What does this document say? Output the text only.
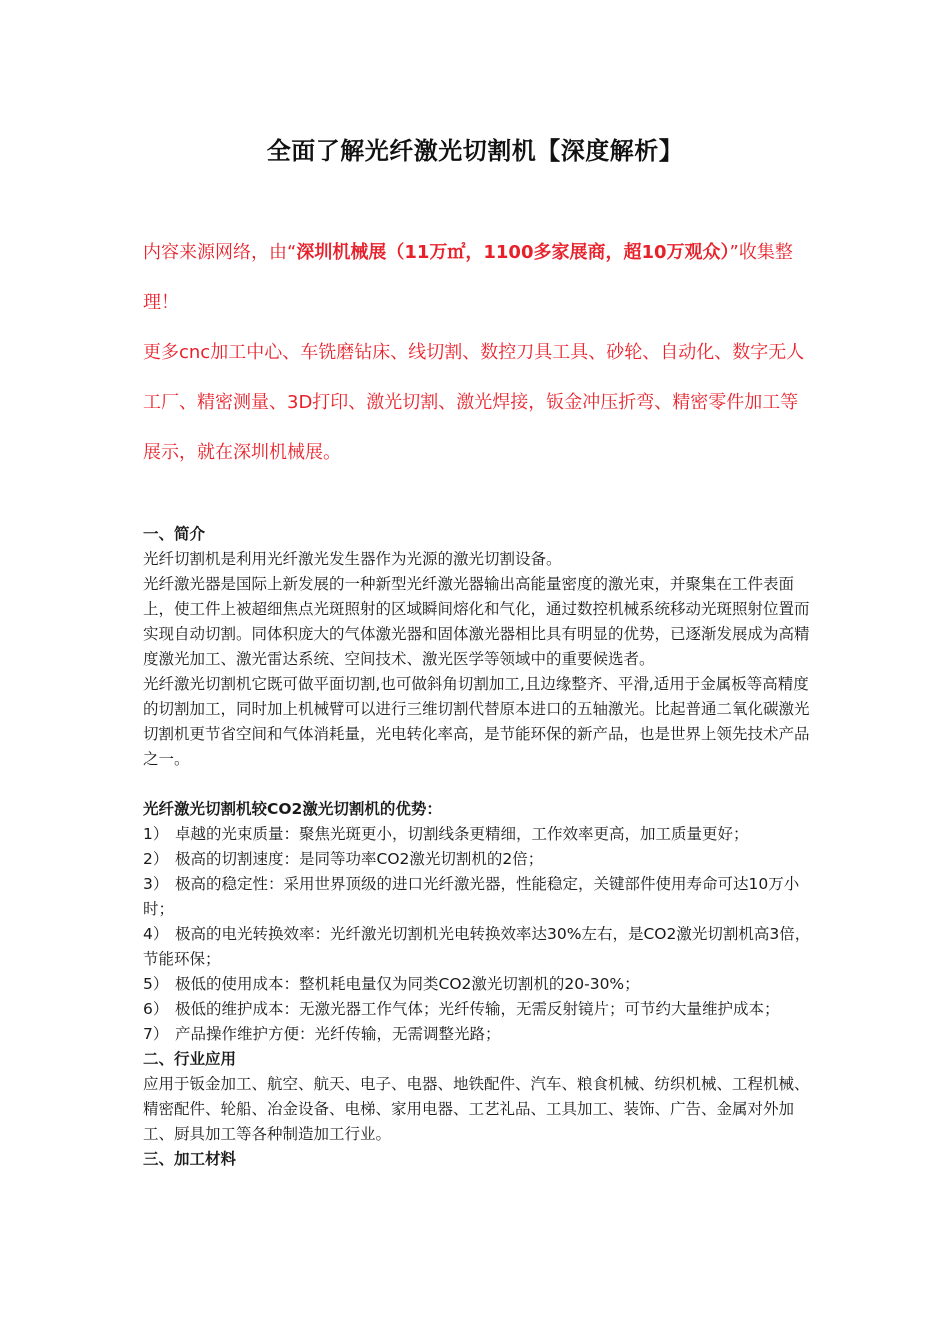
全面了解光纤激光切割机【深度解析】

内容来源网络，由“深圳机械展（11万㎡，1100多家展商，超10万观众）”收集整理！

更多cnc加工中心、车铣磨钻床、线切割、数控刀具工具、砂轮、自动化、数字无人工厂、精密测量、3D打印、激光切割、激光焊接，钣金冲压折弯、精密零件加工等展示，就在深圳机械展。

一、简介

光纤切割机是利用光纤激光发生器作为光源的激光切割设备。

光纤激光器是国际上新发展的一种新型光纤激光器输出高能量密度的激光束，并聚集在工件表面上，使工件上被超细焦点光斑照射的区域瞬间熔化和气化，通过数控机械系统移动光斑照射位置而实现自动切割。同体积庞大的气体激光器和固体激光器相比具有明显的优势，已逐渐发展成为高精度激光加工、激光雷达系统、空间技术、激光医学等领域中的重要候选者。

光纤激光切割机它既可做平面切割,也可做斜角切割加工,且边缘整齐、平滑,适用于金属板等高精度的切割加工，同时加上机械臂可以进行三维切割代替原本进口的五轴激光。比起普通二氧化碳激光切割机更节省空间和气体消耗量，光电转化率高，是节能环保的新产品，也是世界上领先技术产品之一。

光纤激光切割机较CO2激光切割机的优势：

1） 卓越的光束质量：聚焦光斑更小，切割线条更精细，工作效率更高，加工质量更好；

2） 极高的切割速度：是同等功率CO2激光切割机的2倍；

3） 极高的稳定性：采用世界顶级的进口光纤激光器，性能稳定，关键部件使用寿命可达10万小时；

4） 极高的电光转换效率：光纤激光切割机光电转换效率达30%左右，是CO2激光切割机高3倍，节能环保；

5） 极低的使用成本：整机耗电量仅为同类CO2激光切割机的20-30%；

6） 极低的维护成本：无激光器工作气体；光纤传输，无需反射镜片；可节约大量维护成本；

7） 产品操作维护方便：光纤传输，无需调整光路；

二、行业应用

应用于钣金加工、航空、航天、电子、电器、地铁配件、汽车、粮食机械、纺织机械、工程机械、精密配件、轮船、冶金设备、电梯、家用电器、工艺礼品、工具加工、装饰、广告、金属对外加工、厨具加工等各种制造加工行业。

三、加工材料
